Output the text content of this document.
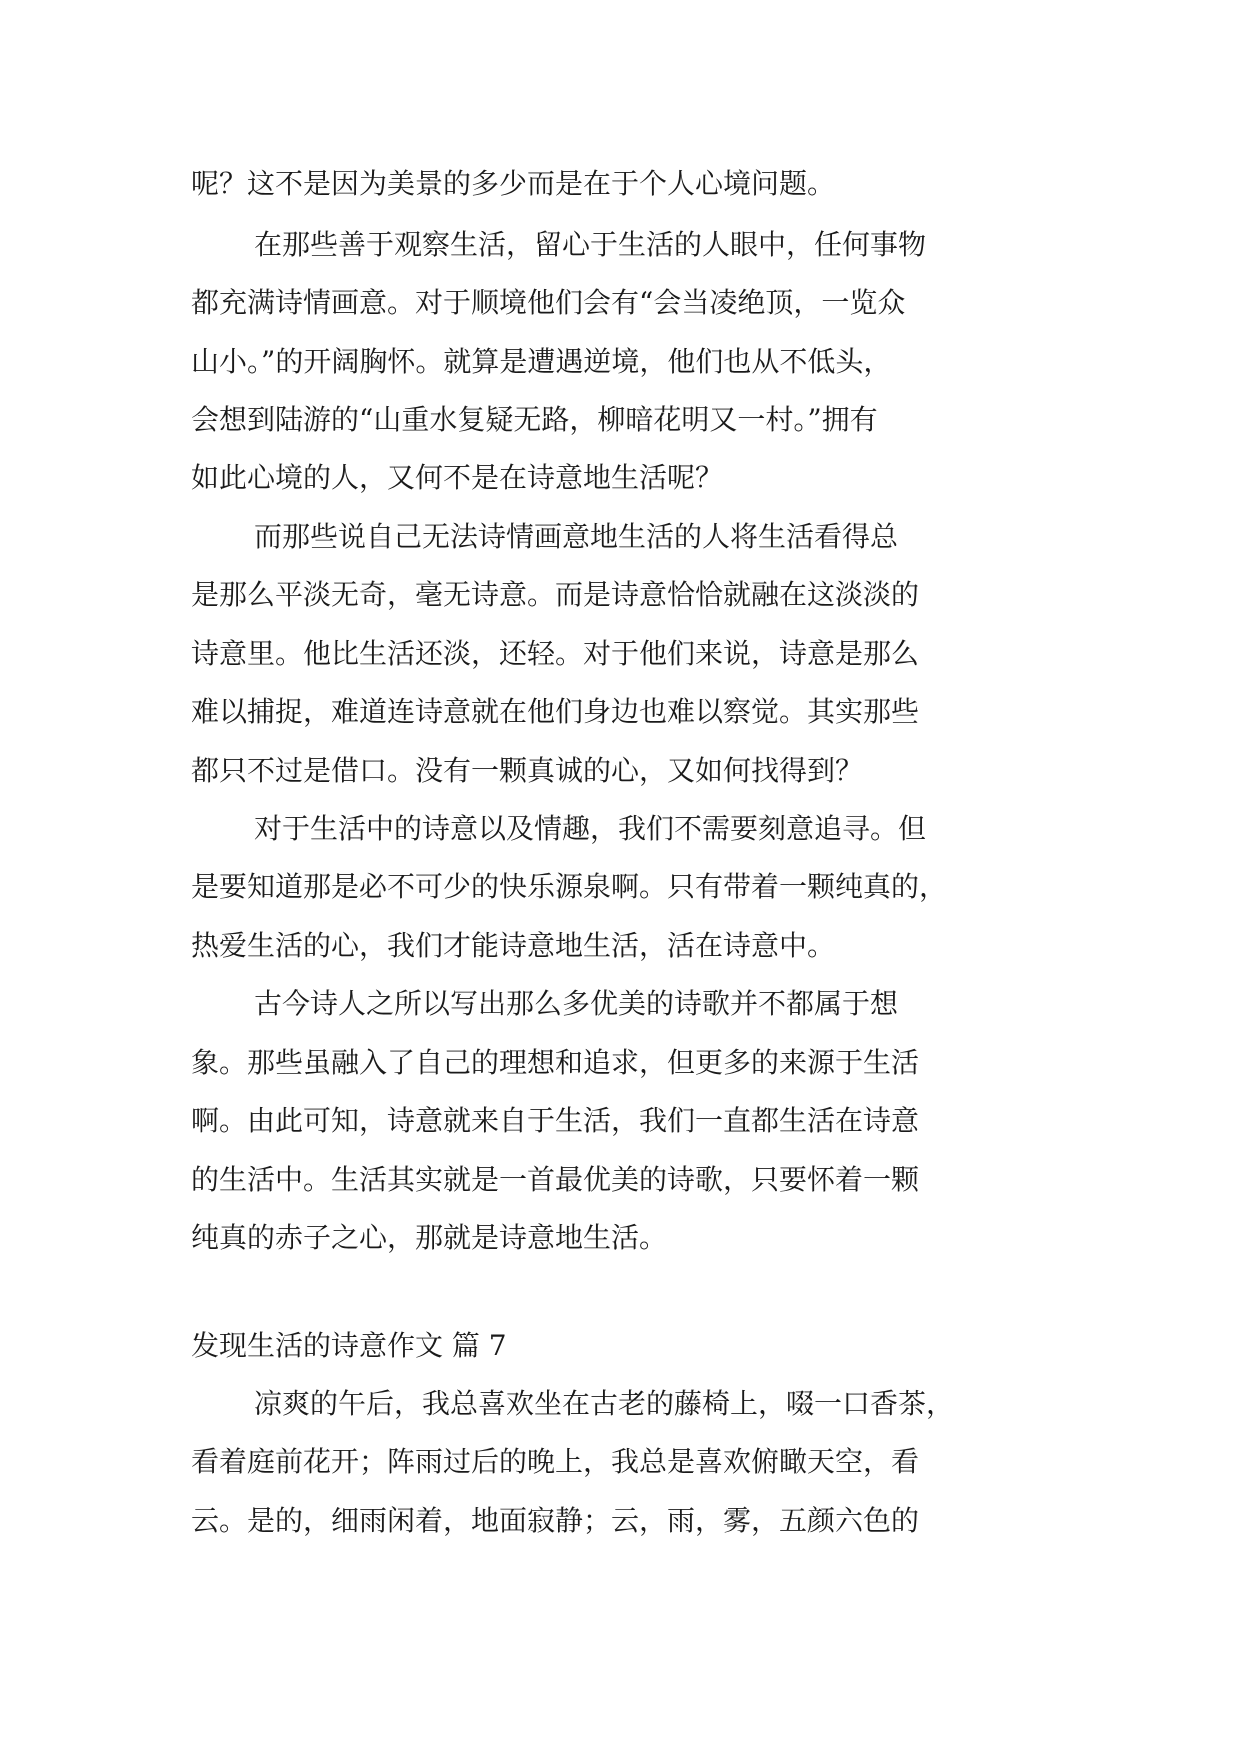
呢？这不是因为美景的多少而是在于个人心境问题。
在那些善于观察生活，留心于生活的人眼中，任何事物
都充满诗情画意。对于顺境他们会有“会当凌绝顶，一览众
山小。”的开阔胸怀。就算是遭遇逆境，他们也从不低头，
会想到陆游的“山重水复疑无路，柳暗花明又一村。”拥有
如此心境的人，又何不是在诗意地生活呢？
而那些说自己无法诗情画意地生活的人将生活看得总
是那么平淡无奇，毫无诗意。而是诗意恰恰就融在这淡淡的
诗意里。他比生活还淡，还轻。对于他们来说，诗意是那么
难以捕捉，难道连诗意就在他们身边也难以察觉。其实那些
都只不过是借口。没有一颗真诚的心，又如何找得到？
对于生活中的诗意以及情趣，我们不需要刻意追寻。但
是要知道那是必不可少的快乐源泉啊。只有带着一颗纯真的，
热爱生活的心，我们才能诗意地生活，活在诗意中。
古今诗人之所以写出那么多优美的诗歌并不都属于想
象。那些虽融入了自己的理想和追求，但更多的来源于生活
啊。由此可知，诗意就来自于生活，我们一直都生活在诗意
的生活中。生活其实就是一首最优美的诗歌，只要怀着一颗
纯真的赤子之心，那就是诗意地生活。
发现生活的诗意作文 篇 7
凉爽的午后，我总喜欢坐在古老的藤椅上，啜一口香茶，
看着庭前花开；阵雨过后的晚上，我总是喜欢俯瞰天空，看
云。是的，细雨闲着，地面寂静；云，雨，雾，五颜六色的
